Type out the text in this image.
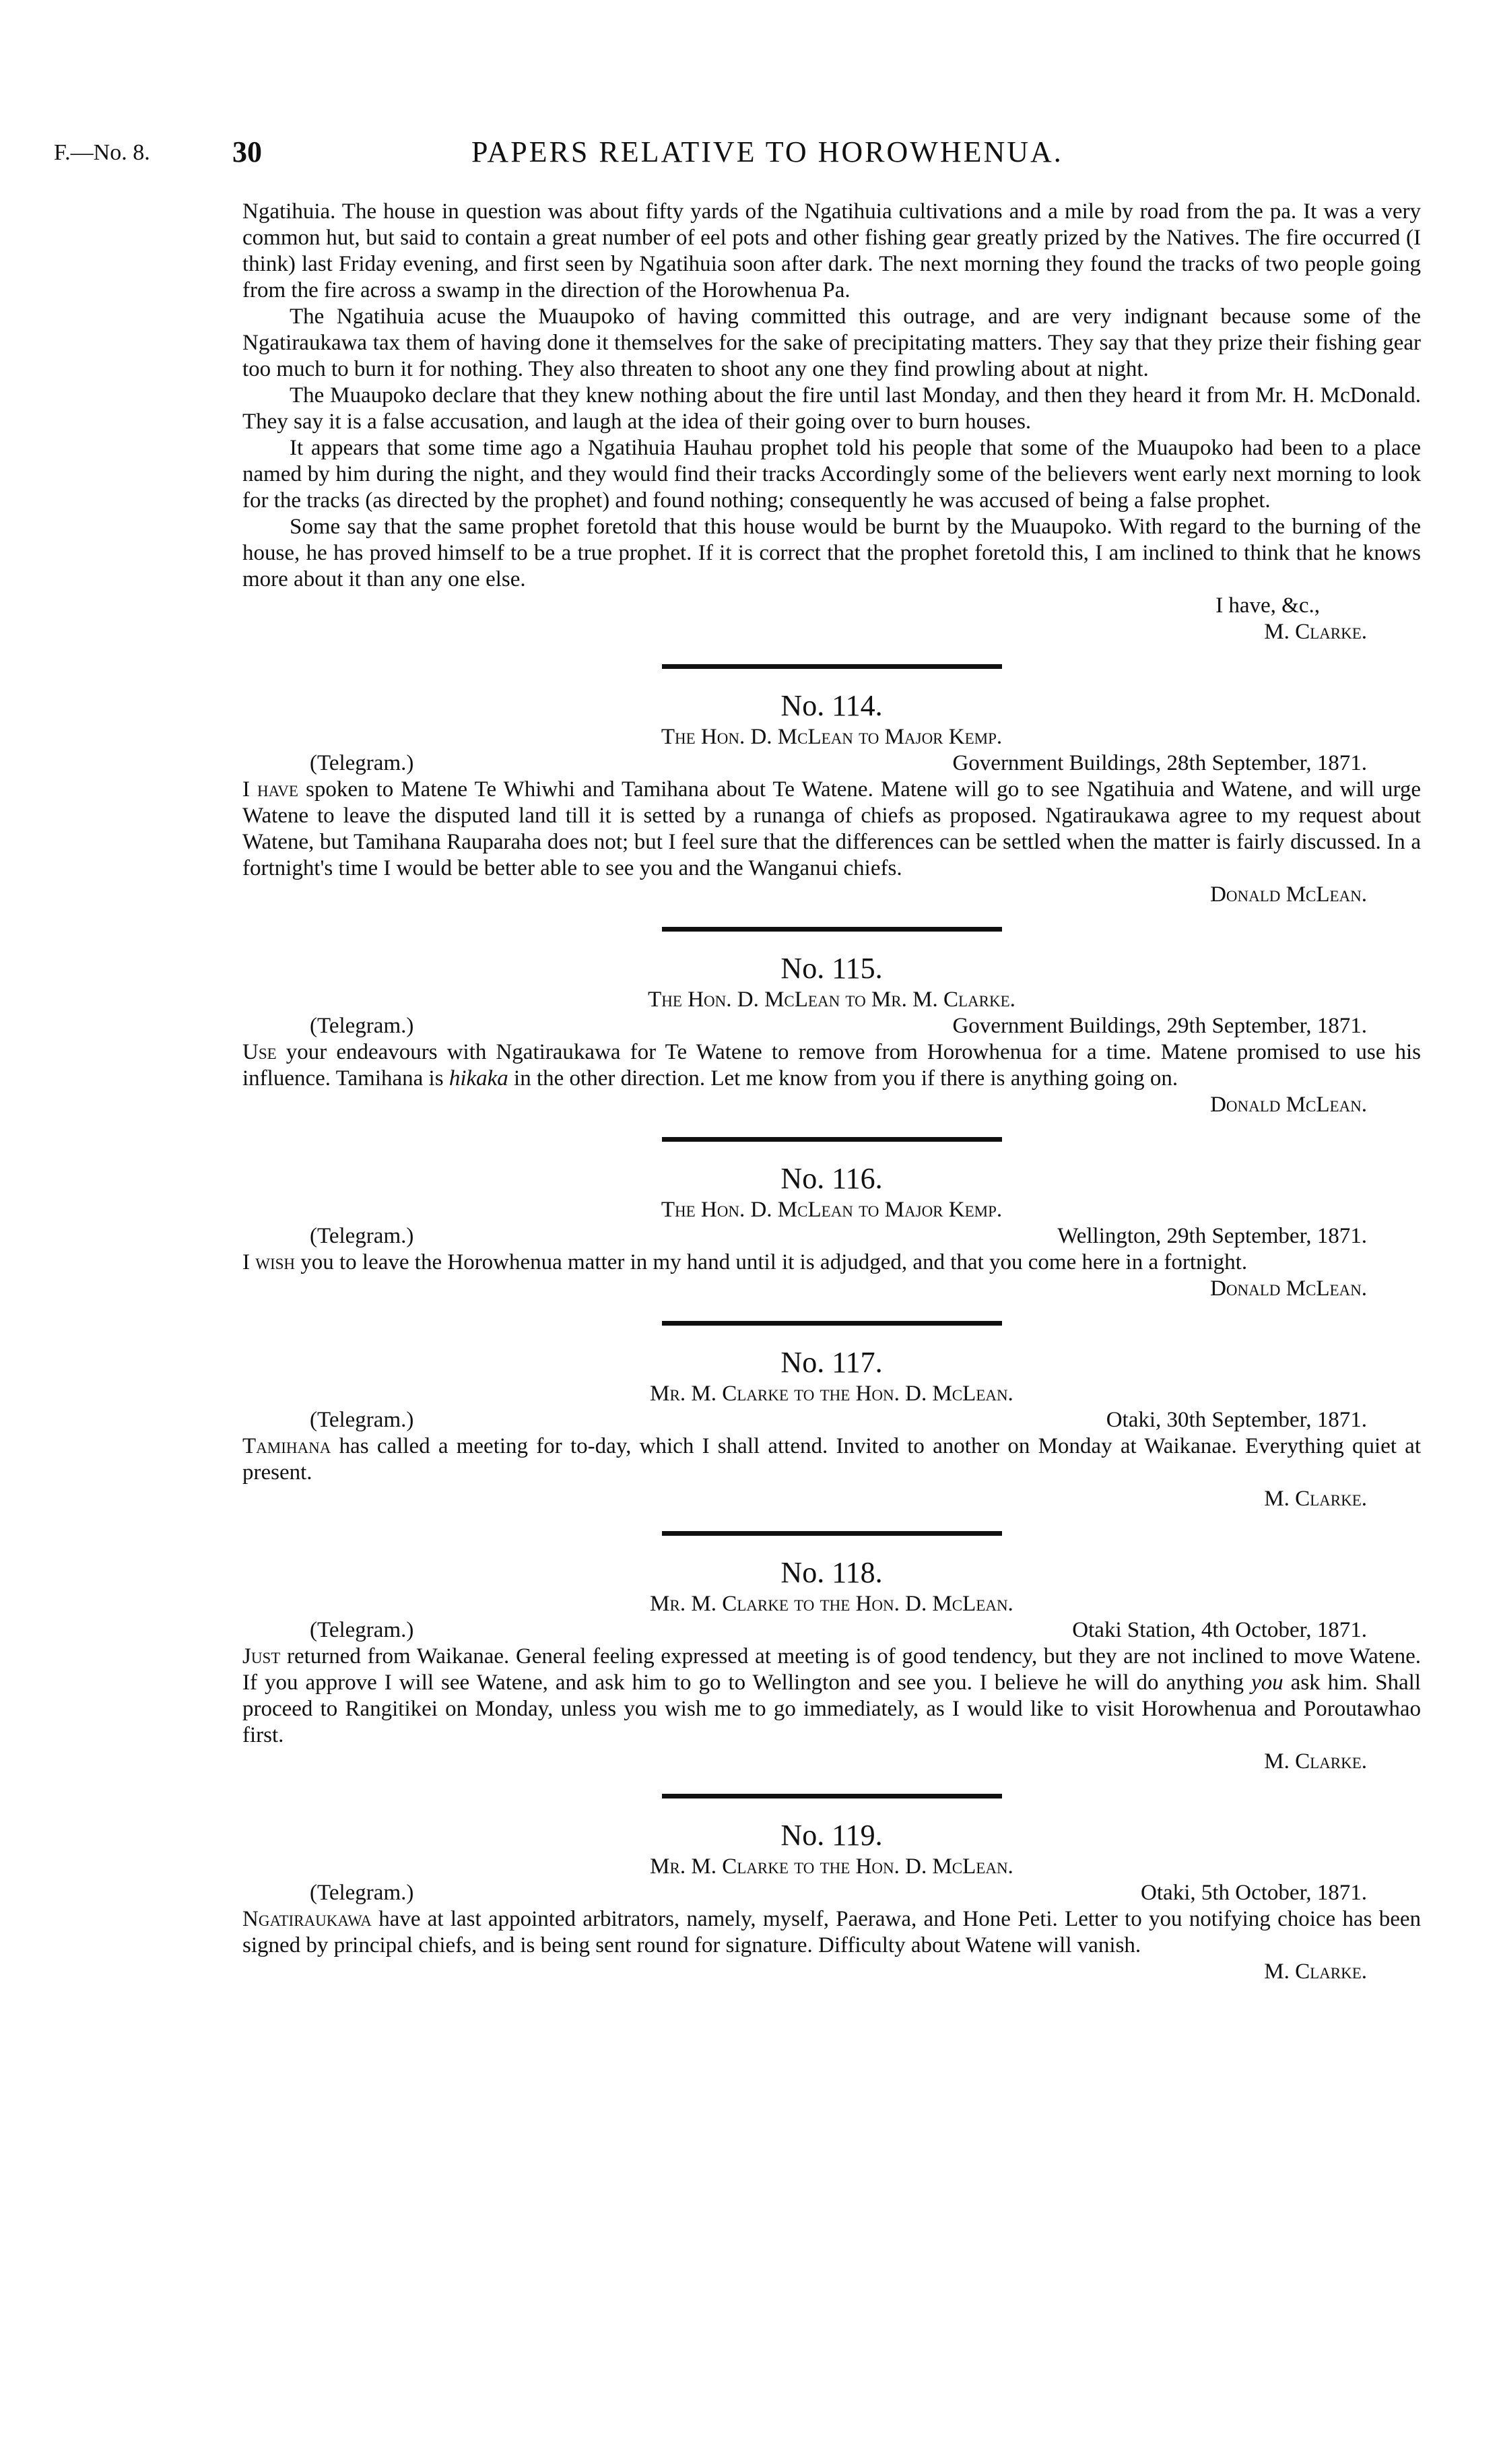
F.—No. 8.	30	PAPERS RELATIVE TO HOROWHENUA.

Ngatihuia. The house in question was about fifty yards of the Ngatihuia cultivations and a mile by road from the pa. It was a very common hut, but said to contain a great number of eel pots and other fishing gear greatly prized by the Natives. The fire occurred (I think) last Friday evening, and first seen by Ngatihuia soon after dark. The next morning they found the tracks of two people going from the fire across a swamp in the direction of the Horowhenua Pa.

The Ngatihuia acuse the Muaupoko of having committed this outrage, and are very indignant because some of the Ngatiraukawa tax them of having done it themselves for the sake of precipitating matters. They say that they prize their fishing gear too much to burn it for nothing. They also threaten to shoot any one they find prowling about at night.

The Muaupoko declare that they knew nothing about the fire until last Monday, and then they heard it from Mr. H. McDonald. They say it is a false accusation, and laugh at the idea of their going over to burn houses.

It appears that some time ago a Ngatihuia Hauhau prophet told his people that some of the Muaupoko had been to a place named by him during the night, and they would find their tracks Accordingly some of the believers went early next morning to look for the tracks (as directed by the prophet) and found nothing; consequently he was accused of being a false prophet.

Some say that the same prophet foretold that this house would be burnt by the Muaupoko. With regard to the burning of the house, he has proved himself to be a true prophet. If it is correct that the prophet foretold this, I am inclined to think that he knows more about it than any one else.

I have, &c.,
M. Clarke.
No. 114.
The Hon. D. McLean to Major Kemp.
(Telegram.)	Government Buildings, 28th September, 1871.

I have spoken to Matene Te Whiwhi and Tamihana about Te Watene. Matene will go to see Ngatihuia and Watene, and will urge Watene to leave the disputed land till it is setted by a runanga of chiefs as proposed. Ngatiraukawa agree to my request about Watene, but Tamihana Rauparaha does not; but I feel sure that the differences can be settled when the matter is fairly discussed. In a fortnight's time I would be better able to see you and the Wanganui chiefs.

Donald McLean.
No. 115.
The Hon. D. McLean to Mr. M. Clarke.
(Telegram.)	Government Buildings, 29th September, 1871.

Use your endeavours with Ngatiraukawa for Te Watene to remove from Horowhenua for a time. Matene promised to use his influence. Tamihana is hikaka in the other direction. Let me know from you if there is anything going on.

Donald McLean.
No. 116.
The Hon. D. McLean to Major Kemp.
(Telegram.)	Wellington, 29th September, 1871.

I wish you to leave the Horowhenua matter in my hand until it is adjudged, and that you come here in a fortnight.

Donald McLean.
No. 117.
Mr. M. Clarke to the Hon. D. McLean.
(Telegram.)	Otaki, 30th September, 1871.

Tamihana has called a meeting for to-day, which I shall attend. Invited to another on Monday at Waikanae. Everything quiet at present.

M. Clarke.
No. 118.
Mr. M. Clarke to the Hon. D. McLean.
(Telegram.)	Otaki Station, 4th October, 1871.

Just returned from Waikanae. General feeling expressed at meeting is of good tendency, but they are not inclined to move Watene. If you approve I will see Watene, and ask him to go to Wellington and see you. I believe he will do anything you ask him. Shall proceed to Rangitikei on Monday, unless you wish me to go immediately, as I would like to visit Horowhenua and Poroutawhao first.

M. Clarke.
No. 119.
Mr. M. Clarke to the Hon. D. McLean.
(Telegram.)	Otaki, 5th October, 1871.

Ngatiraukawa have at last appointed arbitrators, namely, myself, Paerawa, and Hone Peti. Letter to you notifying choice has been signed by principal chiefs, and is being sent round for signature. Difficulty about Watene will vanish.

M. Clarke.
